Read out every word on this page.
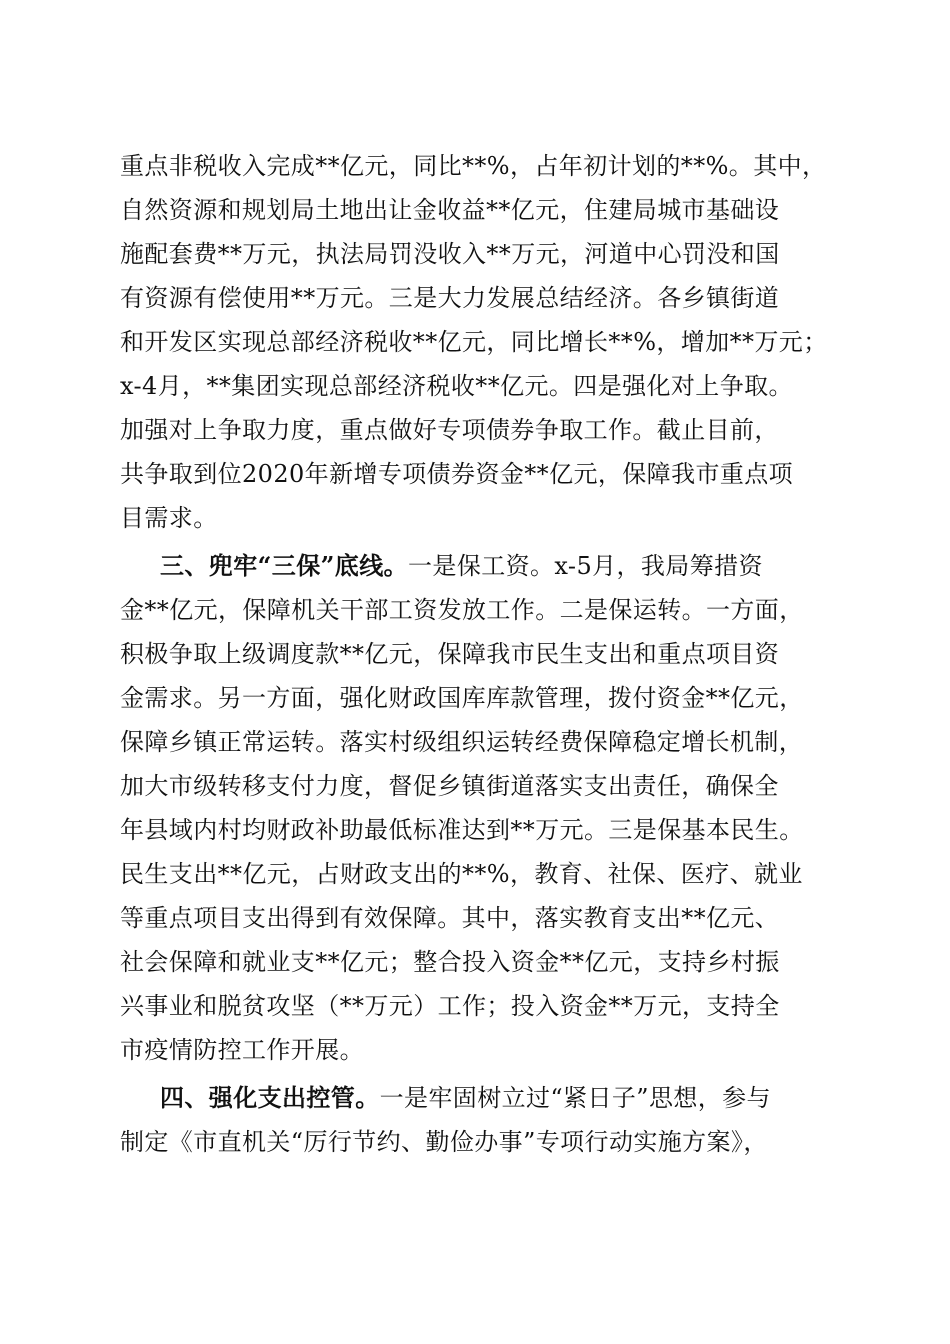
重点非税收入完成**亿元，同比**%，占年初计划的**%。其中，
自然资源和规划局土地出让金收益**亿元，住建局城市基础设
施配套费**万元，执法局罚没收入**万元，河道中心罚没和国
有资源有偿使用**万元。三是大力发展总结经济。各乡镇街道
和开发区实现总部经济税收**亿元，同比增长**%，增加**万元；
x-4月，**集团实现总部经济税收**亿元。四是强化对上争取。
加强对上争取力度，重点做好专项债券争取工作。截止目前，
共争取到位2020年新增专项债券资金**亿元，保障我市重点项
目需求。
三、兜牢“三保”底线。一是保工资。x-5月，我局筹措资
金**亿元，保障机关干部工资发放工作。二是保运转。一方面，
积极争取上级调度款**亿元，保障我市民生支出和重点项目资
金需求。另一方面，强化财政国库库款管理，拨付资金**亿元，
保障乡镇正常运转。落实村级组织运转经费保障稳定增长机制，
加大市级转移支付力度，督促乡镇街道落实支出责任，确保全
年县域内村均财政补助最低标准达到**万元。三是保基本民生。
民生支出**亿元，占财政支出的**%，教育、社保、医疗、就业
等重点项目支出得到有效保障。其中，落实教育支出**亿元、
社会保障和就业支**亿元；整合投入资金**亿元，支持乡村振
兴事业和脱贫攻坚（**万元）工作；投入资金**万元，支持全
市疫情防控工作开展。
四、强化支出控管。一是牢固树立过“紧日子”思想，参与
制定《市直机关“厉行节约、勤俭办事”专项行动实施方案》，
